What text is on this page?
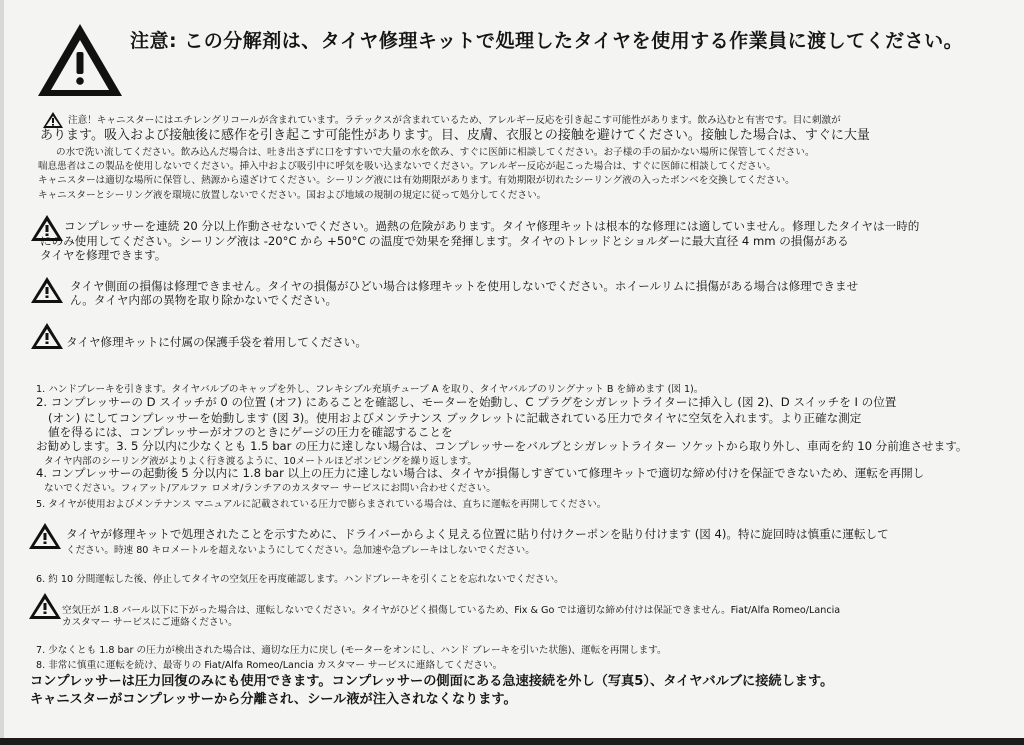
注意: この分解剤は、タイヤ修理キットで処理したタイヤを使用する作業員に渡してください。
注意！キャニスターにはエチレングリコールが含まれています。ラテックスが含まれているため、アレルギー反応を引き起こす可能性があります。飲み込むと有害です。目に刺激が
あります。吸入および接触後に感作を引き起こす可能性があります。目、皮膚、衣服との接触を避けてください。接触した場合は、すぐに大量
の水で洗い流してください。飲み込んだ場合は、吐き出さずに口をすすいで大量の水を飲み、すぐに医師に相談してください。お子様の手の届かない場所に保管してください。
喘息患者はこの製品を使用しないでください。挿入中および吸引中に呼気を吸い込まないでください。アレルギー反応が起こった場合は、すぐに医師に相談してください。
キャニスターは適切な場所に保管し、熱源から遠ざけてください。シーリング液には有効期限があります。有効期限が切れたシーリング液の入ったボンベを交換してください。
キャニスターとシーリング液を環境に放置しないでください。国および地域の規制の規定に従って処分してください。
コンプレッサーを連続 20 分以上作動させないでください。過熱の危険があります。タイヤ修理キットは根本的な修理には適していません。修理したタイヤは一時的
にのみ使用してください。シーリング液は -20°C から +50°C の温度で効果を発揮します。タイヤのトレッドとショルダーに最大直径 4 mm の損傷がある
タイヤを修理できます。
タイヤ側面の損傷は修理できません。タイヤの損傷がひどい場合は修理キットを使用しないでください。ホイールリムに損傷がある場合は修理できませ
ん。タイヤ内部の異物を取り除かないでください。
タイヤ修理キットに付属の保護手袋を着用してください。
1. ハンドブレーキを引きます。タイヤバルブのキャップを外し、フレキシブル充填チューブ A を取り、タイヤバルブのリングナット B を締めます (図 1)。
2. コンプレッサーの D スイッチが 0 の位置 (オフ) にあることを確認し、モーターを始動し、C プラグをシガレットライターに挿入し (図 2)、D スイッチを I の位置
(オン) にしてコンプレッサーを始動します (図 3)。使用およびメンテナンス ブックレットに記載されている圧力でタイヤに空気を入れます。より正確な測定
値を得るには、コンプレッサーがオフのときにゲージの圧力を確認することを
お勧めします。3. 5 分以内に少なくとも 1.5 bar の圧力に達しない場合は、コンプレッサーをバルブとシガレットライター ソケットから取り外し、車両を約 10 分前進させます。
タイヤ内部のシーリング液がよりよく行き渡るように、10メートルほどポンピングを繰り返します。
4. コンプレッサーの起動後 5 分以内に 1.8 bar 以上の圧力に達しない場合は、タイヤが損傷しすぎていて修理キットで適切な締め付けを保証できないため、運転を再開し
ないでください。フィアット/アルファ ロメオ/ランチアのカスタマー サービスにお問い合わせください。
5. タイヤが使用およびメンテナンス マニュアルに記載されている圧力で膨らまされている場合は、直ちに運転を再開してください。
タイヤが修理キットで処理されたことを示すために、ドライバーからよく見える位置に貼り付けクーポンを貼り付けます (図 4)。特に旋回時は慎重に運転して
ください。時速 80 キロメートルを超えないようにしてください。急加速や急ブレーキはしないでください。
6. 約 10 分間運転した後、停止してタイヤの空気圧を再度確認します。ハンドブレーキを引くことを忘れないでください。
空気圧が 1.8 バール以下に下がった場合は、運転しないでください。タイヤがひどく損傷しているため、Fix & Go では適切な締め付けは保証できません。Fiat/Alfa Romeo/Lancia
カスタマー サービスにご連絡ください。
7. 少なくとも 1.8 bar の圧力が検出された場合は、適切な圧力に戻し (モーターをオンにし、ハンド ブレーキを引いた状態)、運転を再開します。
8. 非常に慎重に運転を続け、最寄りの Fiat/Alfa Romeo/Lancia カスタマー サービスに連絡してください。
コンプレッサーは圧力回復のみにも使用できます。コンプレッサーの側面にある急速接続を外し（写真5）、タイヤバルブに接続します。
キャニスターがコンプレッサーから分離され、シール液が注入されなくなります。
